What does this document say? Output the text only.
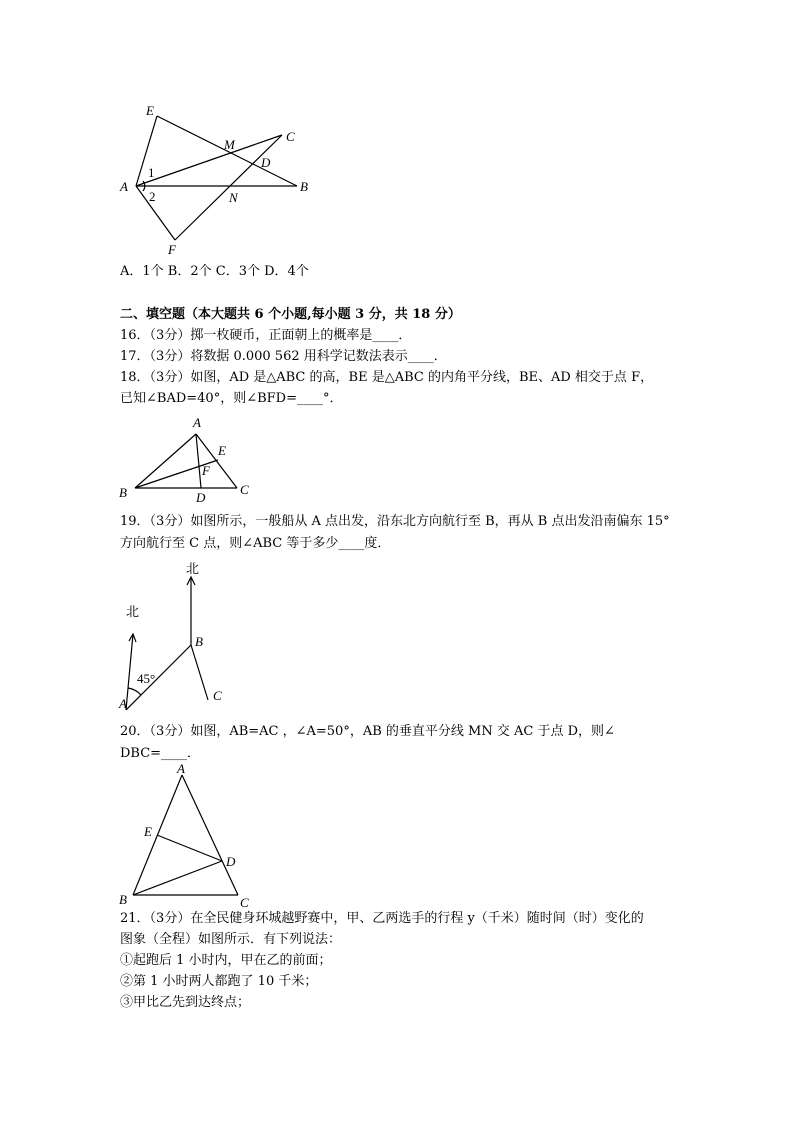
E
M
C
D
A
1
2	N
B
F
A．1个 B．2个 C．3个 D．4个
二、填空题（本大题共 6 个小题,每小题 3 分，共 18 分）
16．（3分）掷一枚硬币，正面朝上的概率是____．
17．（3分）将数据 0.000 562 用科学记数法表示____．
18．（3分）如图，AD 是△ABC 的高，BE 是△ABC 的内角平分线，BE、AD 相交于点 F，
已知∠BAD=40°，则∠BFD=____°．
A
E
F
B	D
C
19．（3分）如图所示，一般船从 A 点出发，沿东北方向航行至 B，再从 B 点出发沿南偏东 15°
方向航行至 C 点，则∠ABC 等于多少____度．
北
北
B
45°
A
C
20．（3分）如图，AB=AC ，∠A=50°，AB 的垂直平分线 MN 交 AC 于点 D，则∠
DBC=____．
A
E
D
B	C
21．（3分）在全民健身环城越野赛中，甲、乙两选手的行程 y（千米）随时间（时）变化的
图象（全程）如图所示．有下列说法：
①起跑后 1 小时内，甲在乙的前面；
②第 1 小时两人都跑了 10 千米；
③甲比乙先到达终点；
